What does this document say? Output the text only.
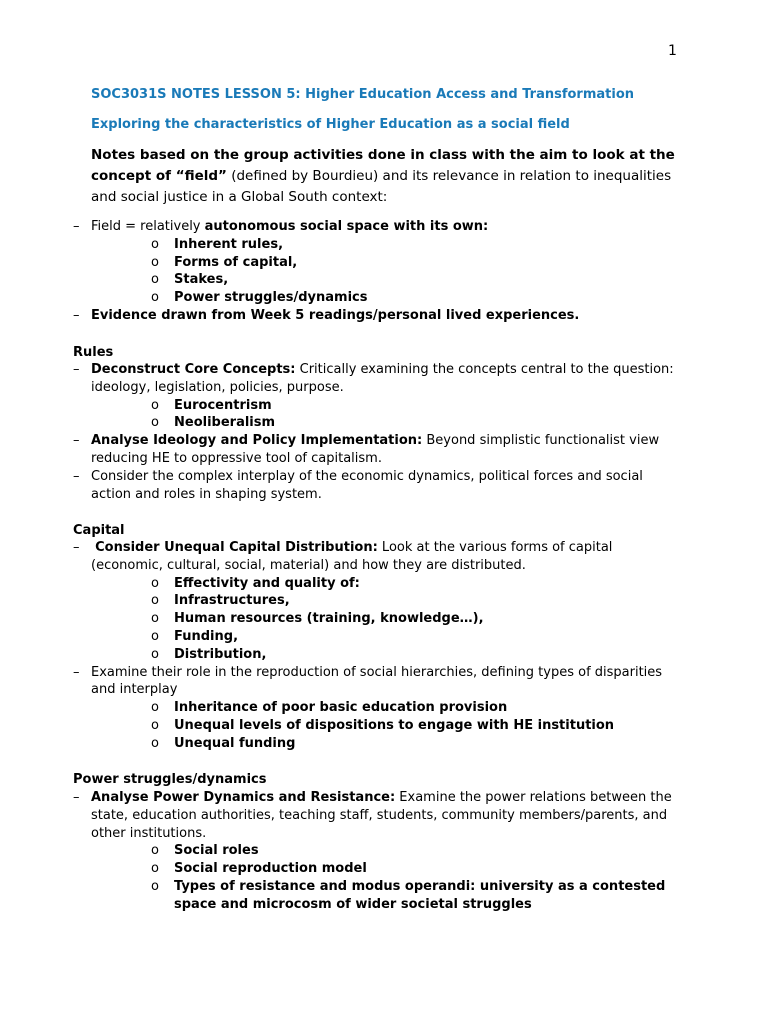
1
SOC3031S NOTES LESSON 5: Higher Education Access and Transformation
Exploring the characteristics of Higher Education as a social field
Notes based on the group activities done in class with the aim to look at the concept of “field” (defined by Bourdieu) and its relevance in relation to inequalities and social justice in a Global South context:
– Field = relatively autonomous social space with its own:
o Inherent rules,
o Forms of capital,
o Stakes,
o Power struggles/dynamics
– Evidence drawn from Week 5 readings/personal lived experiences.
Rules
– Deconstruct Core Concepts: Critically examining the concepts central to the question: ideology, legislation, policies, purpose.
o Eurocentrism
o Neoliberalism
– Analyse Ideology and Policy Implementation: Beyond simplistic functionalist view reducing HE to oppressive tool of capitalism.
– Consider the complex interplay of the economic dynamics, political forces and social action and roles in shaping system.
Capital
–	Consider Unequal Capital Distribution: Look at the various forms of capital (economic, cultural, social, material) and how they are distributed.
o Effectivity and quality of:
o Infrastructures,
o Human resources (training, knowledge…),
o Funding,
o Distribution,
– Examine their role in the reproduction of social hierarchies, defining types of disparities and interplay
o Inheritance of poor basic education provision
o Unequal levels of dispositions to engage with HE institution
o Unequal funding
Power struggles/dynamics
– Analyse Power Dynamics and Resistance: Examine the power relations between the state, education authorities, teaching staff, students, community members/parents, and other institutions.
o Social roles
o Social reproduction model
o Types of resistance and modus operandi: university as a contested space and microcosm of wider societal struggles
